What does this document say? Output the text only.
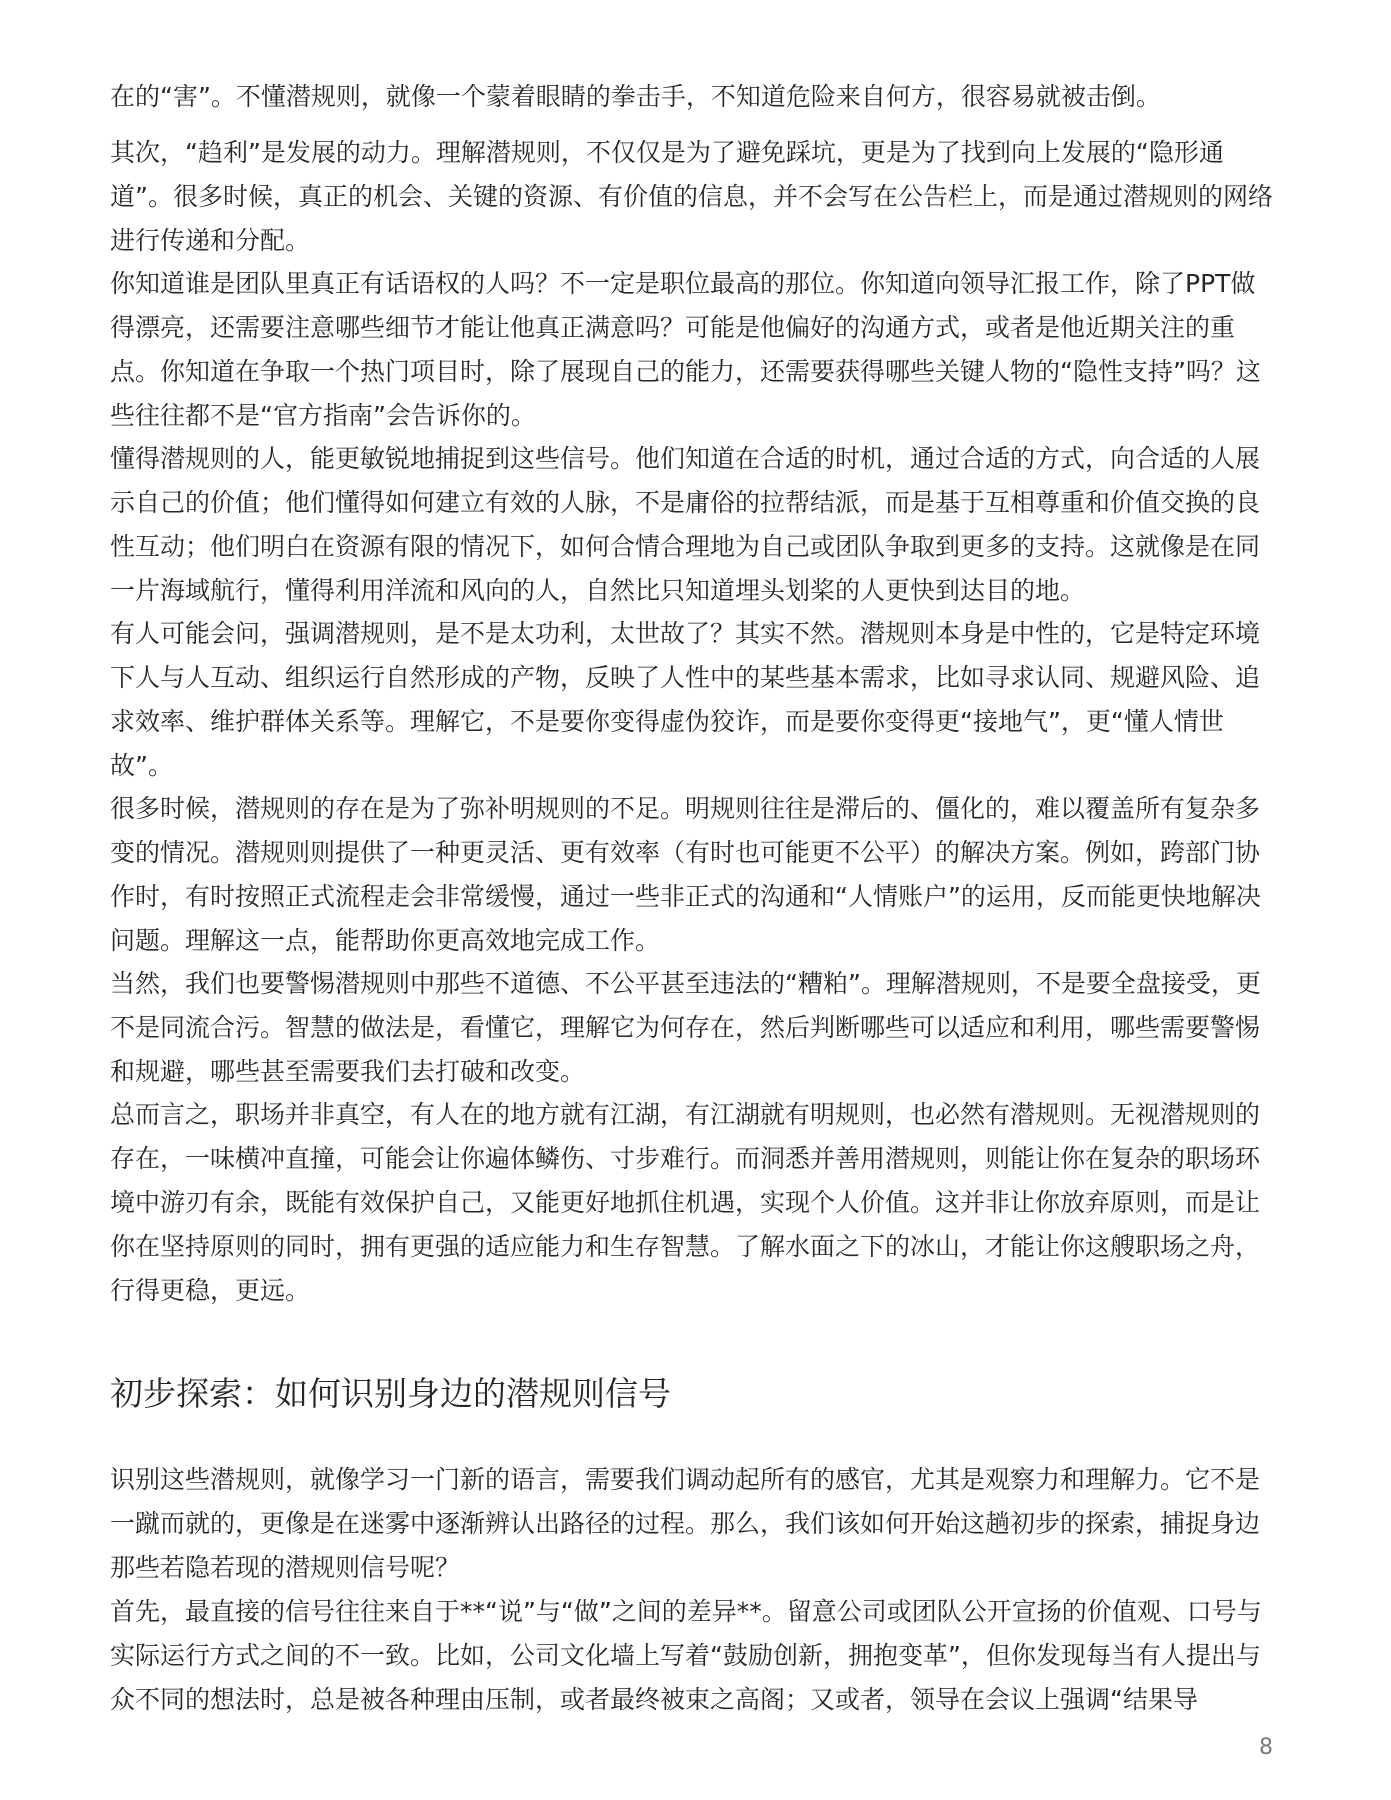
在的“害”。不懂潜规则，就像一个蒙着眼睛的拳击手，不知道危险来自何方，很容易就被击倒。

其次，“趋利”是发展的动力。理解潜规则，不仅仅是为了避免踩坑，更是为了找到向上发展的“隐形通道”。很多时候，真正的机会、关键的资源、有价值的信息，并不会写在公告栏上，而是通过潜规则的网络进行传递和分配。

你知道谁是团队里真正有话语权的人吗？不一定是职位最高的那位。你知道向领导汇报工作，除了PPT做得漂亮，还需要注意哪些细节才能让他真正满意吗？可能是他偏好的沟通方式，或者是他近期关注的重点。你知道在争取一个热门项目时，除了展现自己的能力，还需要获得哪些关键人物的“隐性支持”吗？这些往往都不是“官方指南”会告诉你的。

懂得潜规则的人，能更敏锐地捕捉到这些信号。他们知道在合适的时机，通过合适的方式，向合适的人展示自己的价值；他们懂得如何建立有效的人脉，不是庸俗的拉帮结派，而是基于互相尊重和价值交换的良性互动；他们明白在资源有限的情况下，如何合情合理地为自己或团队争取到更多的支持。这就像是在同一片海域航行，懂得利用洋流和风向的人，自然比只知道埋头划桨的人更快到达目的地。

有人可能会问，强调潜规则，是不是太功利，太世故了？其实不然。潜规则本身是中性的，它是特定环境下人与人互动、组织运行自然形成的产物，反映了人性中的某些基本需求，比如寻求认同、规避风险、追求效率、维护群体关系等。理解它，不是要你变得虚伪狡诈，而是要你变得更“接地气”，更“懂人情世故”。

很多时候，潜规则的存在是为了弥补明规则的不足。明规则往往是滞后的、僵化的，难以覆盖所有复杂多变的情况。潜规则则提供了一种更灵活、更有效率（有时也可能更不公平）的解决方案。例如，跨部门协作时，有时按照正式流程走会非常缓慢，通过一些非正式的沟通和“人情账户”的运用，反而能更快地解决问题。理解这一点，能帮助你更高效地完成工作。

当然，我们也要警惕潜规则中那些不道德、不公平甚至违法的“糟粕”。理解潜规则，不是要全盘接受，更不是同流合污。智慧的做法是，看懂它，理解它为何存在，然后判断哪些可以适应和利用，哪些需要警惕和规避，哪些甚至需要我们去打破和改变。

总而言之，职场并非真空，有人在的地方就有江湖，有江湖就有明规则，也必然有潜规则。无视潜规则的存在，一味横冲直撞，可能会让你遍体鳞伤、寸步难行。而洞悉并善用潜规则，则能让你在复杂的职场环境中游刃有余，既能有效保护自己，又能更好地抓住机遇，实现个人价值。这并非让你放弃原则，而是让你在坚持原则的同时，拥有更强的适应能力和生存智慧。了解水面之下的冰山，才能让你这艘职场之舟，行得更稳，更远。

初步探索：如何识别身边的潜规则信号

识别这些潜规则，就像学习一门新的语言，需要我们调动起所有的感官，尤其是观察力和理解力。它不是一蹴而就的，更像是在迷雾中逐渐辨认出路径的过程。那么，我们该如何开始这趟初步的探索，捕捉身边那些若隐若现的潜规则信号呢？

首先，最直接的信号往往来自于**“说”与“做”之间的差异**。留意公司或团队公开宣扬的价值观、口号与实际运行方式之间的不一致。比如，公司文化墙上写着“鼓励创新，拥抱变革”，但你发现每当有人提出与众不同的想法时，总是被各种理由压制，或者最终被束之高阁；又或者，领导在会议上强调“结果导

8
